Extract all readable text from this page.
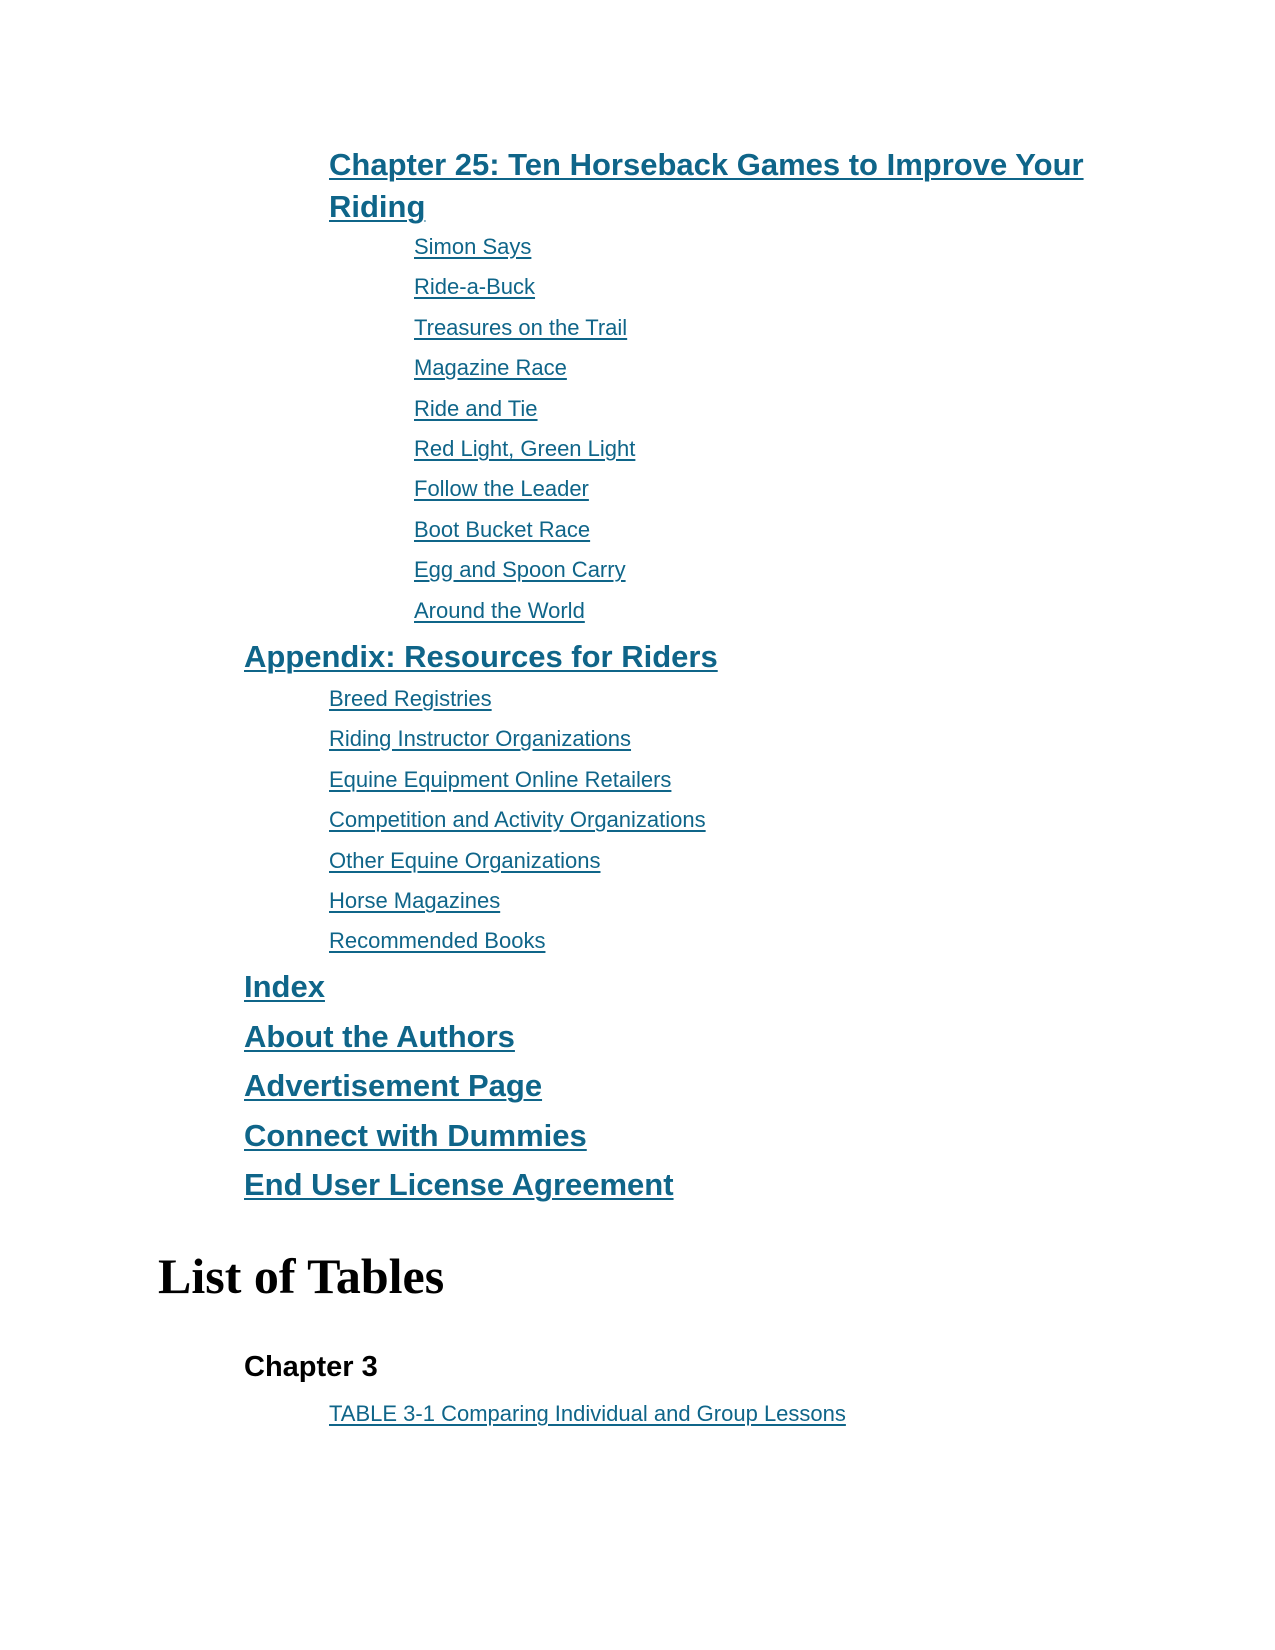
Chapter 25: Ten Horseback Games to Improve Your Riding
Simon Says
Ride-a-Buck
Treasures on the Trail
Magazine Race
Ride and Tie
Red Light, Green Light
Follow the Leader
Boot Bucket Race
Egg and Spoon Carry
Around the World
Appendix: Resources for Riders
Breed Registries
Riding Instructor Organizations
Equine Equipment Online Retailers
Competition and Activity Organizations
Other Equine Organizations
Horse Magazines
Recommended Books
Index
About the Authors
Advertisement Page
Connect with Dummies
End User License Agreement
List of Tables
Chapter 3
TABLE 3-1 Comparing Individual and Group Lessons
